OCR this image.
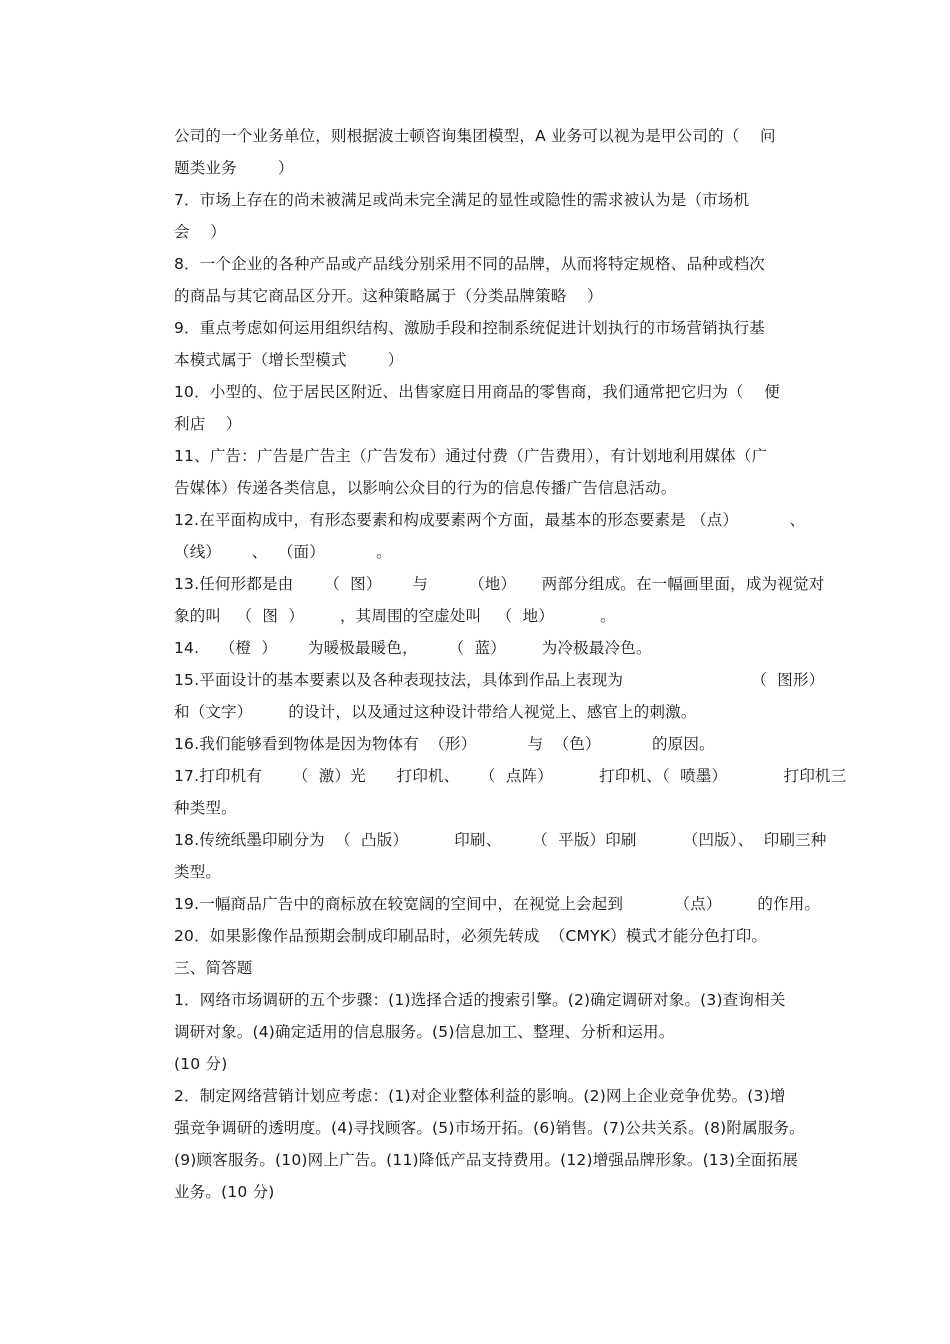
公司的一个业务单位，则根据波士顿咨询集团模型，A 业务可以视为是甲公司的（    问
题类业务        ）
7．市场上存在的尚未被满足或尚未完全满足的显性或隐性的需求被认为是（市场机
会    ）
8．一个企业的各种产品或产品线分别采用不同的品牌，从而将特定规格、品种或档次
的商品与其它商品区分开。这种策略属于（分类品牌策略    ）
9．重点考虑如何运用组织结构、激励手段和控制系统促进计划执行的市场营销执行基
本模式属于（增长型模式        ）
10．小型的、位于居民区附近、出售家庭日用商品的零售商，我们通常把它归为（    便
利店    ）
11、广告：广告是广告主（广告发布）通过付费（广告费用），有计划地利用媒体（广
告媒体）传递各类信息，以影响公众目的行为的信息传播广告信息活动。
12.在平面构成中，有形态要素和构成要素两个方面，最基本的形态要素是 （点）          、
（线）      、  （面）          。
13.任何形都是由      （  图）      与        （地）     两部分组成。在一幅画里面，成为视觉对
象的叫   （  图  ）       ，其周围的空虚处叫   （  地）         。
14.    （橙  ）      为暖极最暖色，      （  蓝）       为冷极最冷色。
15.平面设计的基本要素以及各种表现技法，具体到作品上表现为                         （  图形）
和（文字）       的设计，以及通过这种设计带给人视觉上、感官上的刺激。
16.我们能够看到物体是因为物体有  （形）          与  （色）          的原因。
17.打印机有      （  激）光      打印机、    （  点阵）         打印机、（  喷墨）           打印机三
种类型。
18.传统纸墨印刷分为  （  凸版）         印刷、      （  平版）印刷         （凹版）、  印刷三种
类型。
19.一幅商品广告中的商标放在较宽阔的空间中，在视觉上会起到          （点）       的作用。
20．如果影像作品预期会制成印刷品时，必须先转成  （CMYK）模式才能分色打印。
三、简答题
1．网络市场调研的五个步骤：(1)选择合适的搜索引擎。(2)确定调研对象。(3)查询相关
调研对象。(4)确定适用的信息服务。(5)信息加工、整理、分析和运用。
(10 分)
2．制定网络营销计划应考虑：(1)对企业整体利益的影响。(2)网上企业竞争优势。(3)增
强竞争调研的透明度。(4)寻找顾客。(5)市场开拓。(6)销售。(7)公共关系。(8)附属服务。
(9)顾客服务。(10)网上广告。(11)降低产品支持费用。(12)增强品牌形象。(13)全面拓展
业务。(10 分)
